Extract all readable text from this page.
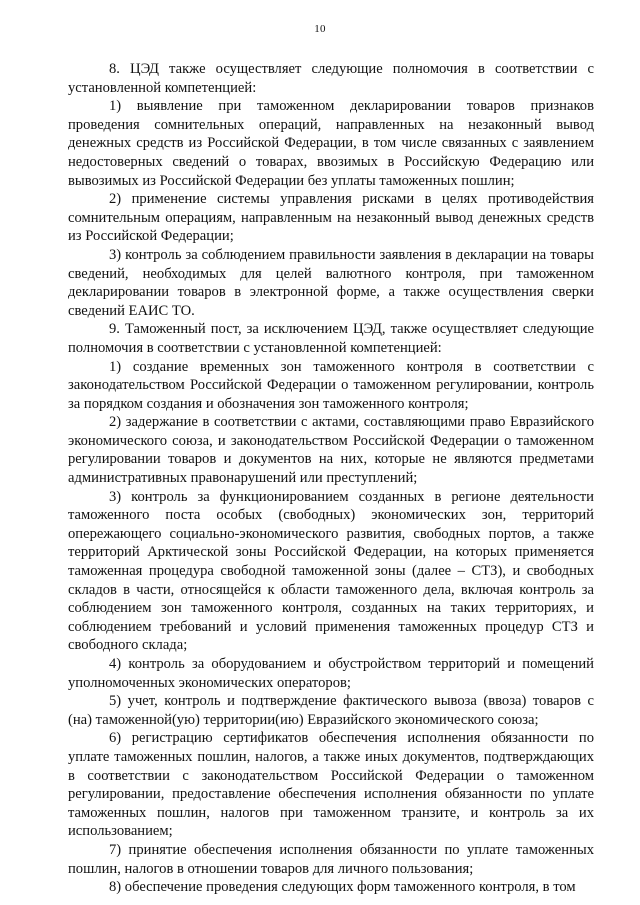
10

8. ЦЭД также осуществляет следующие полномочия в соответствии с установленной компетенцией:

1) выявление при таможенном декларировании товаров признаков проведения сомнительных операций, направленных на незаконный вывод денежных средств из Российской Федерации, в том числе связанных с заявлением недостоверных сведений о товарах, ввозимых в Российскую Федерацию или вывозимых из Российской Федерации без уплаты таможенных пошлин;

2) применение системы управления рисками в целях противодействия сомнительным операциям, направленным на незаконный вывод денежных средств из Российской Федерации;

3) контроль за соблюдением правильности заявления в декларации на товары сведений, необходимых для целей валютного контроля, при таможенном декларировании товаров в электронной форме, а также осуществления сверки сведений ЕАИС ТО.

9. Таможенный пост, за исключением ЦЭД, также осуществляет следующие полномочия в соответствии с установленной компетенцией:

1) создание временных зон таможенного контроля в соответствии с законодательством Российской Федерации о таможенном регулировании, контроль за порядком создания и обозначения зон таможенного контроля;

2) задержание в соответствии с актами, составляющими право Евразийского экономического союза, и законодательством Российской Федерации о таможенном регулировании товаров и документов на них, которые не являются предметами административных правонарушений или преступлений;

3) контроль за функционированием созданных в регионе деятельности таможенного поста особых (свободных) экономических зон, территорий опережающего социально-экономического развития, свободных портов, а также территорий Арктической зоны Российской Федерации, на которых применяется таможенная процедура свободной таможенной зоны (далее – СТЗ), и свободных складов в части, относящейся к области таможенного дела, включая контроль за соблюдением зон таможенного контроля, созданных на таких территориях, и соблюдением требований и условий применения таможенных процедур СТЗ и свободного склада;

4) контроль за оборудованием и обустройством территорий и помещений уполномоченных экономических операторов;

5) учет, контроль и подтверждение фактического вывоза (ввоза) товаров с (на) таможенной(ую) территории(ию) Евразийского экономического союза;

6) регистрацию сертификатов обеспечения исполнения обязанности по уплате таможенных пошлин, налогов, а также иных документов, подтверждающих в соответствии с законодательством Российской Федерации о таможенном регулировании, предоставление обеспечения исполнения обязанности по уплате таможенных пошлин, налогов при таможенном транзите, и контроль за их использованием;

7) принятие обеспечения исполнения обязанности по уплате таможенных пошлин, налогов в отношении товаров для личного пользования;

8) обеспечение проведения следующих форм таможенного контроля, в том
